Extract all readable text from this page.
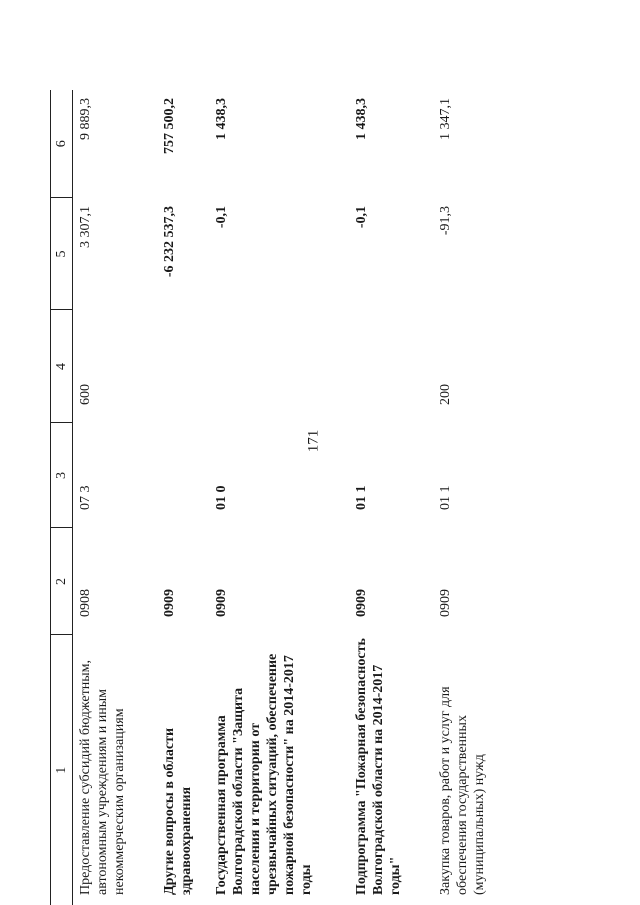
171
1	2	3	4	5	6
Предоставление субсидий бюджетным, автономным учреждениям и иным некоммерческим организациям	0908	07 3	600	3 307,1	9 889,3
Другие вопросы в области здравоохранения	0909			-6 232 537,3	757 500,2
Государственная программа Волгоградской области "Защита населения и территории от чрезвычайных ситуаций, обеспечение пожарной безопасности" на 2014-2017 годы	0909	01 0		-0,1	1 438,3
Подпрограмма "Пожарная безопасность Волгоградской области на 2014-2017 годы"	0909	01 1		-0,1	1 438,3
Закупка товаров, работ и услуг для обеспечения государственных (муниципальных) нужд	0909	01 1	200	-91,3	1 347,1
